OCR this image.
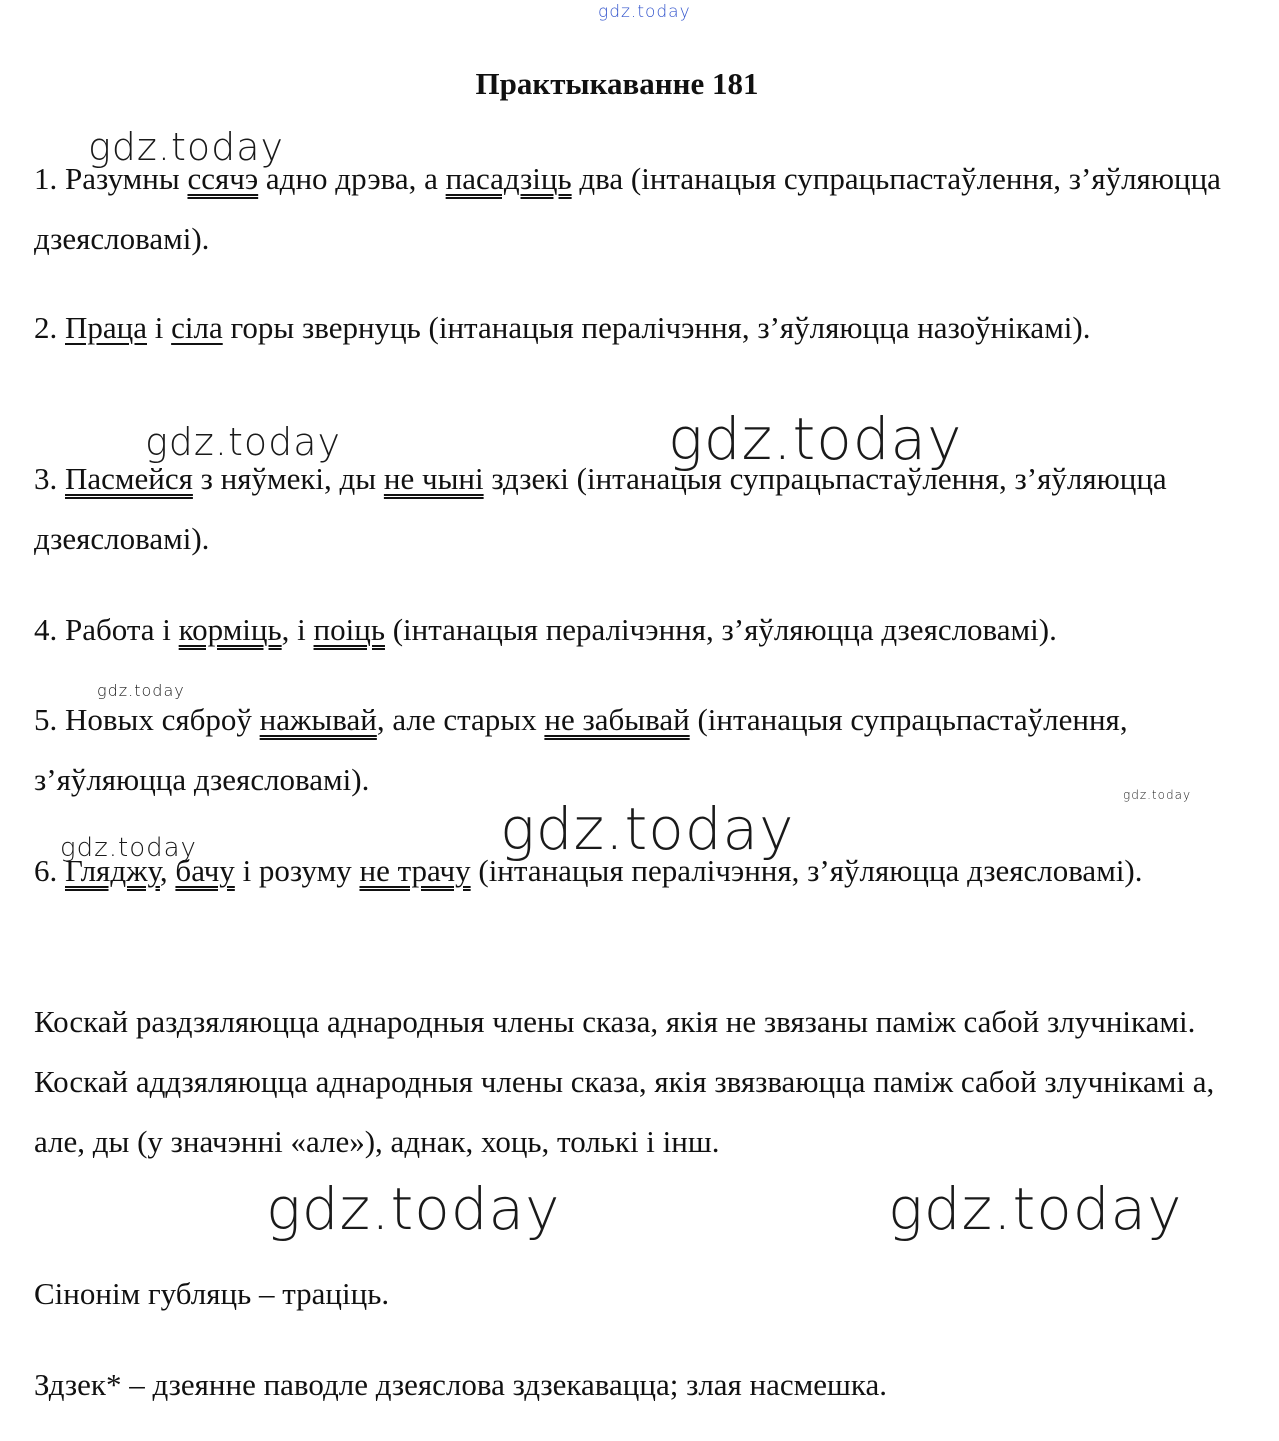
Практыкаванне 181

1. Разумны ссячэ адно дрэва, а пасадзіць два (інтанацыя супрацьпастаўлення, з’яўляюцца дзеясловамі).

2. Праца і сіла горы звернуць (інтанацыя пералічэння, з’яўляюцца назоўнікамі).

3. Пасмейся з няўмекі, ды не чыні здзекі (інтанацыя супрацьпастаўлення, з’яўляюцца дзеясловамі).

4. Работа і корміць, і поіць (інтанацыя пералічэння, з’яўляюцца дзеясловамі).

5. Новых сяброў нажывай, але старых не забывай (інтанацыя супрацьпастаўлення, з’яўляюцца дзеясловамі).

6. Гляджу, бачу і розуму не трачу (інтанацыя пералічэння, з’яўляюцца дзеясловамі).

Коскай раздзяляюцца аднародныя члены сказа, якія не звязаны паміж сабой злучнікамі. Коскай аддзяляюцца аднародныя члены сказа, якія звязваюцца паміж сабой злучнікамі а, але, ды (у значэнні «але»), аднак, хоць, толькі і інш.

Сінонім губляць – траціць.

Здзек* – дзеянне паводле дзеяслова здзекавацца; злая насмешка.

gdz.today
gdz.today
gdz.today	gdz.today
gdz.today
gdz.today
gdz.today
gdz.today
gdz.today	gdz.today
